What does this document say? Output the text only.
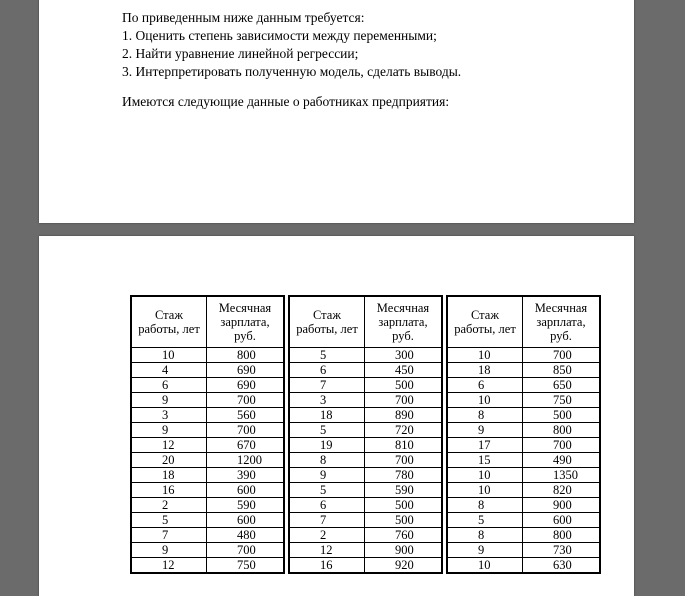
По приведенным ниже данным требуется:
1. Оценить степень зависимости между переменными;
2. Найти уравнение линейной регрессии;
3. Интерпретировать полученную модель, сделать выводы.
Имеются следующие данные о работниках предприятия:
Стаж работы, лет	Месячная зарплата, руб.
10	800
4	690
6	690
9	700
3	560
9	700
12	670
20	1200
18	390
16	600
2	590
5	600
7	480
9	700
12	750
Стаж работы, лет	Месячная зарплата, руб.
5	300
6	450
7	500
3	700
18	890
5	720
19	810
8	700
9	780
5	590
6	500
7	500
2	760
12	900
16	920
Стаж работы, лет	Месячная зарплата, руб.
10	700
18	850
6	650
10	750
8	500
9	800
17	700
15	490
10	1350
10	820
8	900
5	600
8	800
9	730
10	630
